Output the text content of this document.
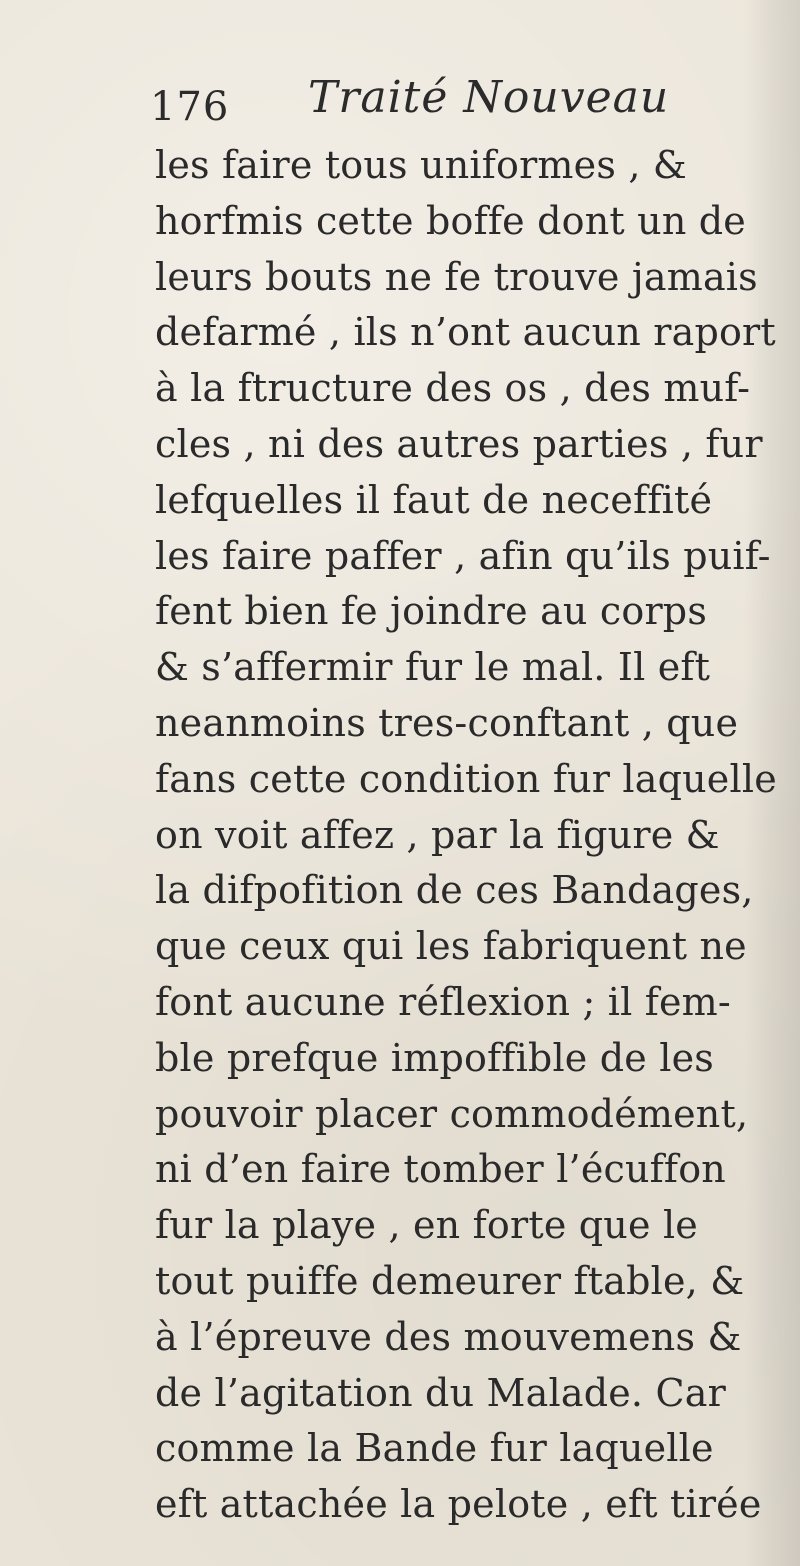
176 Traité Nouveau
les faire tous uniformes , &
horfmis cette boffe dont un de
leurs bouts ne fe trouve jamais
defarmé , ils n’ont aucun raport
à la ftructure des os , des muf-
cles , ni des autres parties , fur
lefquelles il faut de neceffité
les faire paffer , afin qu’ils puif-
fent bien fe joindre au corps
& s’affermir fur le mal. Il eft
neanmoins tres-conftant , que
fans cette condition fur laquelle
on voit affez , par la figure &
la difpofition de ces Bandages,
que ceux qui les fabriquent ne
font aucune réflexion ; il fem-
ble prefque impoffible de les
pouvoir placer commodément,
ni d’en faire tomber l’écuffon
fur la playe , en forte que le
tout puiffe demeurer ftable, &
à l’épreuve des mouvemens &
de l’agitation du Malade. Car
comme la Bande fur laquelle
eft attachée la pelote , eft tirée
